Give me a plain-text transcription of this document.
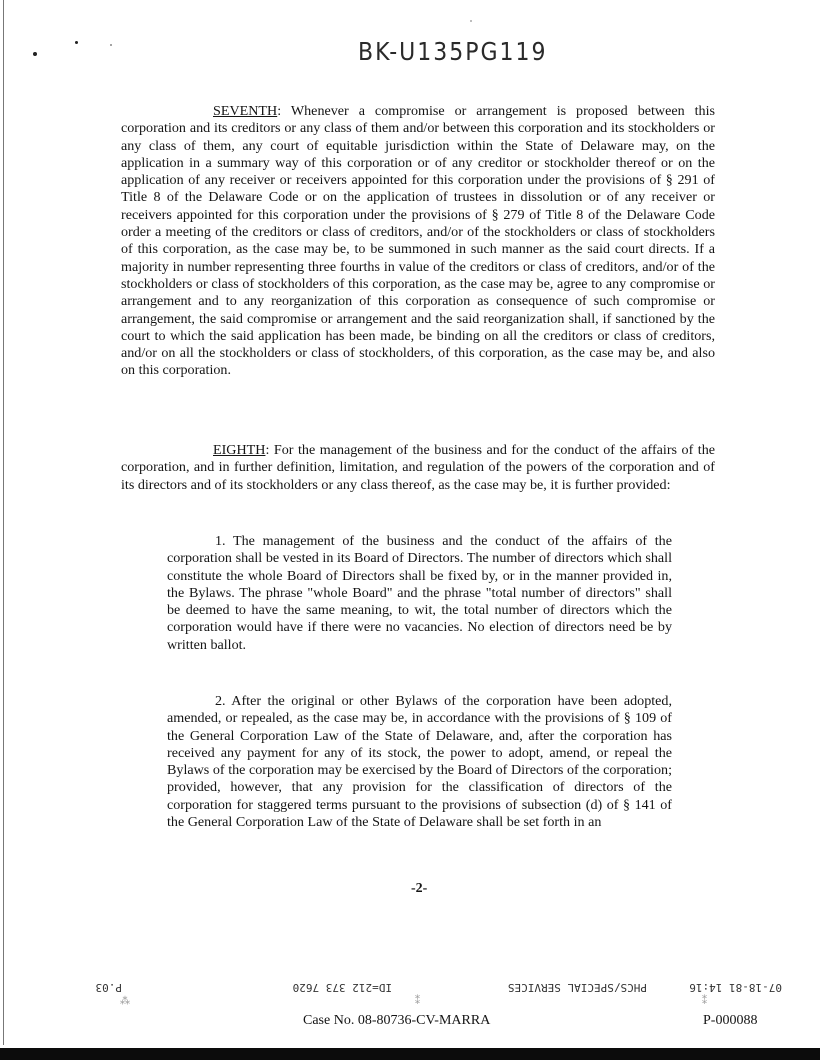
BK-U135PG119

SEVENTH: Whenever a compromise or arrangement is proposed between this corporation and its creditors or any class of them and/or between this corporation and its stockholders or any class of them, any court of equitable jurisdiction within the State of Delaware may, on the application in a summary way of this corporation or of any creditor or stockholder thereof or on the application of any receiver or receivers appointed for this corporation under the provisions of § 291 of Title 8 of the Delaware Code or on the application of trustees in dissolution or of any receiver or receivers appointed for this corporation under the provisions of § 279 of Title 8 of the Delaware Code order a meeting of the creditors or class of creditors, and/or of the stockholders or class of stockholders of this corporation, as the case may be, to be summoned in such manner as the said court directs. If a majority in number representing three fourths in value of the creditors or class of creditors, and/or of the stockholders or class of stockholders of this corporation, as the case may be, agree to any compromise or arrangement and to any reorganization of this corporation as consequence of such compromise or arrangement, the said compromise or arrangement and the said reorganization shall, if sanctioned by the court to which the said application has been made, be binding on all the creditors or class of creditors, and/or on all the stockholders or class of stockholders, of this corporation, as the case may be, and also on this corporation.

EIGHTH: For the management of the business and for the conduct of the affairs of the corporation, and in further definition, limitation, and regulation of the powers of the corporation and of its directors and of its stockholders or any class thereof, as the case may be, it is further provided:

1. The management of the business and the conduct of the affairs of the corporation shall be vested in its Board of Directors. The number of directors which shall constitute the whole Board of Directors shall be fixed by, or in the manner provided in, the Bylaws. The phrase "whole Board" and the phrase "total number of directors" shall be deemed to have the same meaning, to wit, the total number of directors which the corporation would have if there were no vacancies. No election of directors need be by written ballot.

2. After the original or other Bylaws of the corporation have been adopted, amended, or repealed, as the case may be, in accordance with the provisions of § 109 of the General Corporation Law of the State of Delaware, and, after the corporation has received any payment for any of its stock, the power to adopt, amend, or repeal the Bylaws of the corporation may be exercised by the Board of Directors of the corporation; provided, however, that any provision for the classification of directors of the corporation for staggered terms pursuant to the provisions of subsection (d) of § 141 of the General Corporation Law of the State of Delaware shall be set forth in an

-2-
07-18-81 14:16
PHCS/SPECIAL SERVICES
ID=212 373 7620
P.03
⁂	⁑	⁑
Case No. 08-80736-CV-MARRA	P-000088
